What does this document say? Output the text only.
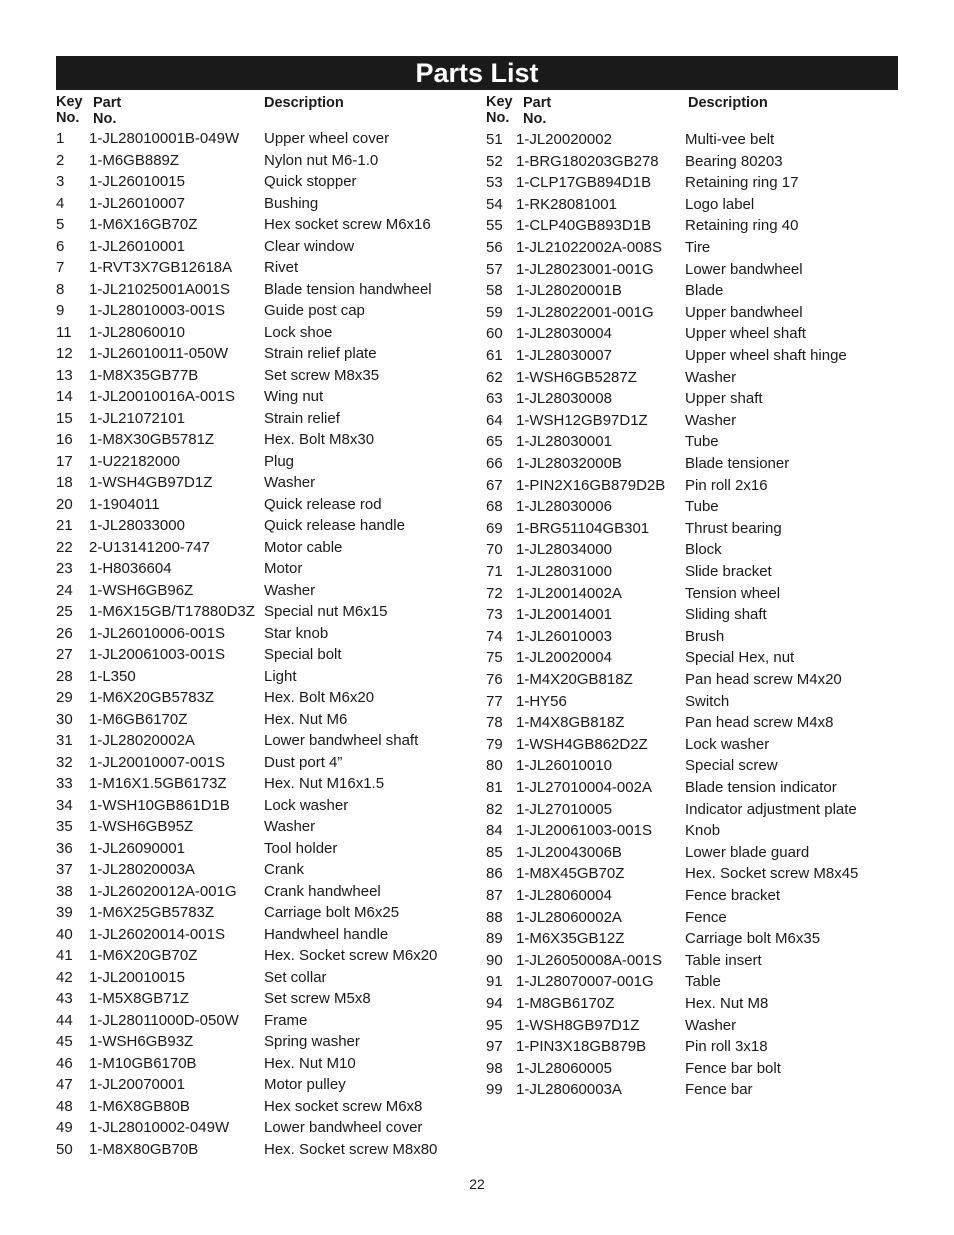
Parts List
Key
No.
Part No.
Description
1 1-JL28010001B-049W Upper wheel cover
2 1-M6GB889Z	Nylon nut M6-1.0
3 1-JL26010015	Quick stopper
4 1-JL26010007	Bushing
5 1-M6X16GB70Z	Hex socket screw M6x16
6 1-JL26010001	Clear window
7 1-RVT3X7GB12618A Rivet
8 1-JL21025001A001S Blade tension handwheel
9 1-JL28010003-001S	Guide post cap
11 1-JL28060010	Lock shoe
12 1-JL26010011-050W Strain relief plate
13 1-M8X35GB77B	Set screw M8x35
14 1-JL20010016A-001S Wing nut
15 1-JL21072101	Strain relief
16 1-M8X30GB5781Z	Hex. Bolt M8x30
17 1-U22182000	Plug
18 1-WSH4GB97D1Z	Washer
20 1-1904011	Quick release rod
21 1-JL28033000	Quick release handle
22 2-U13141200-747	Motor cable
23 1-H8036604	Motor
24 1-WSH6GB96Z	Washer
25 1-M6X15GB/T17880D3Z Special nut M6x15
26 1-JL26010006-001S	Star knob
27 1-JL20061003-001S	Special bolt
28 1-L350	Light
29 1-M6X20GB5783Z	Hex. Bolt M6x20
30 1-M6GB6170Z	Hex. Nut M6
31 1-JL28020002A	Lower bandwheel shaft
32 1-JL20010007-001S	Dust port 4”
33 1-M16X1.5GB6173Z Hex. Nut M16x1.5
34 1-WSH10GB861D1B Lock washer
35 1-WSH6GB95Z	Washer
36 1-JL26090001	Tool holder
37 1-JL28020003A	Crank
38 1-JL26020012A-001G Crank handwheel
39 1-M6X25GB5783Z	Carriage bolt M6x25
40 1-JL26020014-001S	Handwheel handle
41 1-M6X20GB70Z	Hex. Socket screw M6x20
42 1-JL20010015	Set collar
43 1-M5X8GB71Z	Set screw M5x8
44 1-JL28011000D-050W Frame
45 1-WSH6GB93Z	Spring washer
46 1-M10GB6170B	Hex. Nut M10
47 1-JL20070001	Motor pulley
48 1-M6X8GB80B	Hex socket screw M6x8
49 1-JL28010002-049W Lower bandwheel cover
50 1-M8X80GB70B	Hex. Socket screw M8x80
Key
No.
Part No.
Description
51 1-JL20020002	Multi-vee belt
52 1-BRG180203GB278 Bearing 80203
53 1-CLP17GB894D1B Retaining ring 17
54 1-RK28081001	Logo label
55 1-CLP40GB893D1B Retaining ring 40
56 1-JL21022002A-008S Tire
57 1-JL28023001-001G Lower bandwheel
58 1-JL28020001B	Blade
59 1-JL28022001-001G Upper bandwheel
60 1-JL28030004	Upper wheel shaft
61 1-JL28030007	Upper wheel shaft hinge
62 1-WSH6GB5287Z	Washer
63 1-JL28030008	Upper shaft
64 1-WSH12GB97D1Z Washer
65 1-JL28030001	Tube
66 1-JL28032000B	Blade tensioner
67 1-PIN2X16GB879D2B Pin roll 2x16
68 1-JL28030006	Tube
69 1-BRG51104GB301 Thrust bearing
70 1-JL28034000	Block
71 1-JL28031000	Slide bracket
72 1-JL20014002A	Tension wheel
73 1-JL20014001	Sliding shaft
74 1-JL26010003	Brush
75 1-JL20020004	Special Hex, nut
76 1-M4X20GB818Z	Pan head screw M4x20
77 1-HY56	Switch
78 1-M4X8GB818Z	Pan head screw M4x8
79 1-WSH4GB862D2Z Lock washer
80 1-JL26010010	Special screw
81 1-JL27010004-002A Blade tension indicator
82 1-JL27010005	Indicator adjustment plate
84 1-JL20061003-001S Knob
85 1-JL20043006B	Lower blade guard
86 1-M8X45GB70Z	Hex. Socket screw M8x45
87 1-JL28060004	Fence bracket
88 1-JL28060002A	Fence
89 1-M6X35GB12Z	Carriage bolt M6x35
90 1-JL26050008A-001S Table insert
91 1-JL28070007-001G Table
94 1-M8GB6170Z	Hex. Nut M8
95 1-WSH8GB97D1Z	Washer
97 1-PIN3X18GB879B	Pin roll 3x18
98 1-JL28060005	Fence bar bolt
99 1-JL28060003A	Fence bar
22
